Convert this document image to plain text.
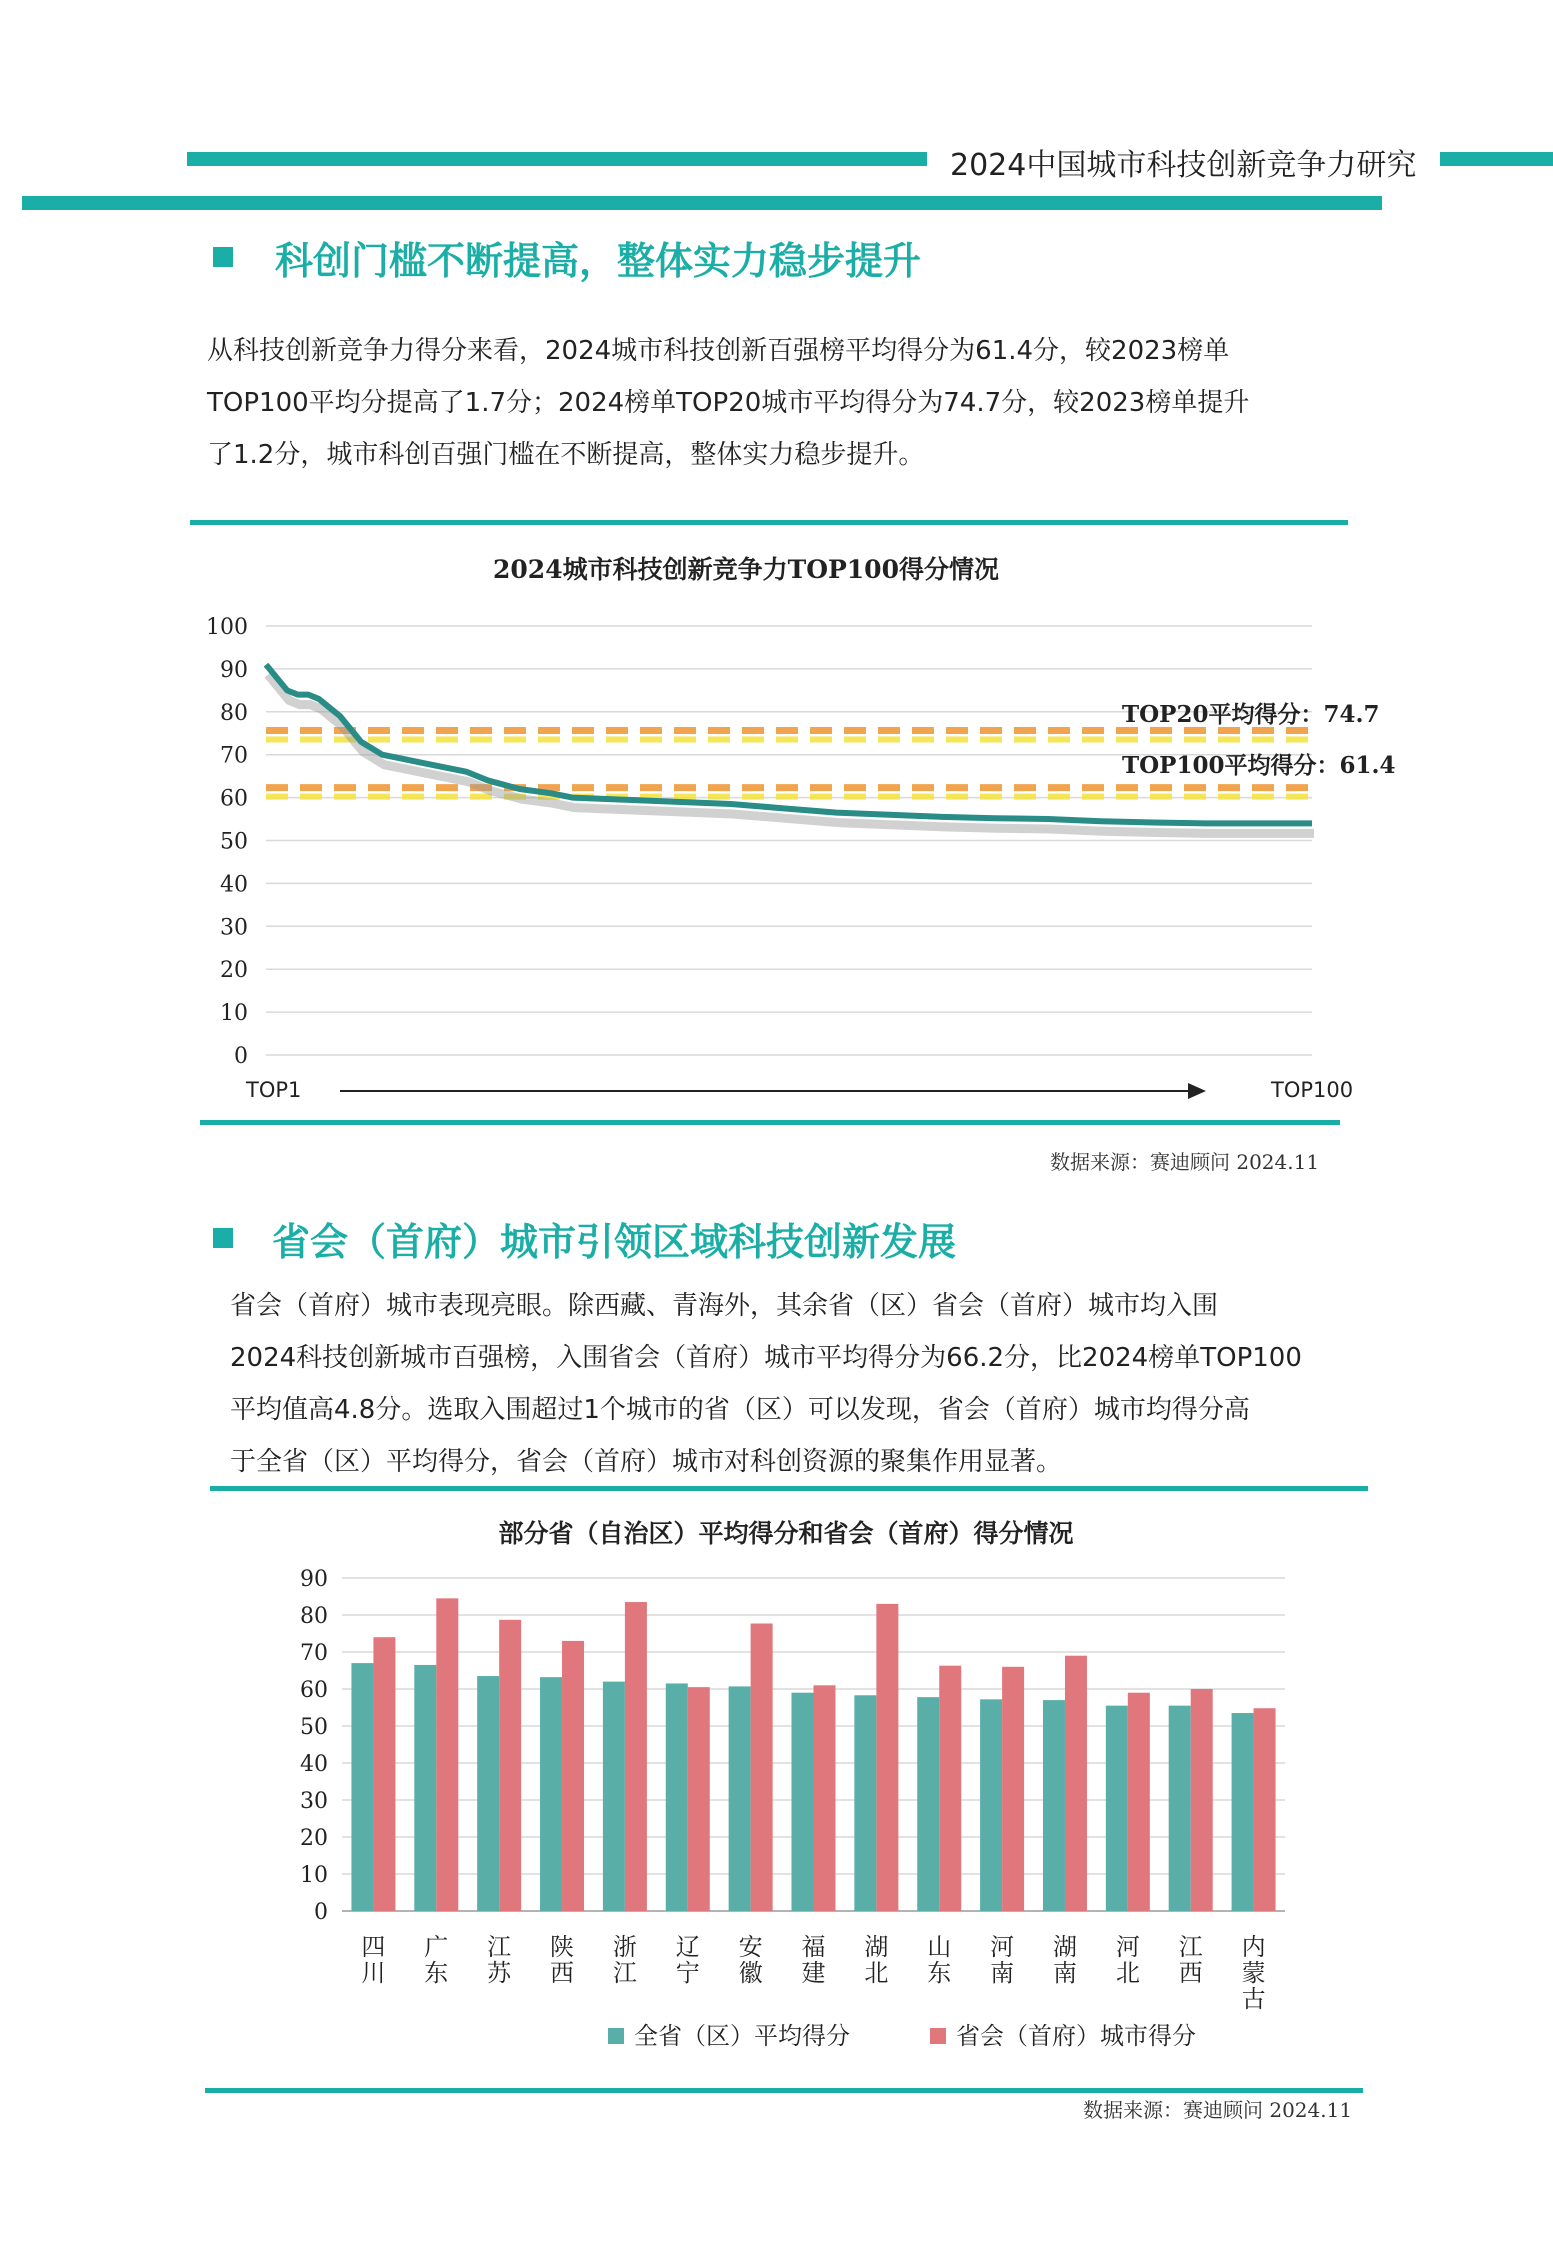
2024中国城市科技创新竞争力研究
科创门槛不断提高，整体实力稳步提升
从科技创新竞争力得分来看，2024城市科技创新百强榜平均得分为61.4分，较2023榜单
TOP100平均分提高了1.7分；2024榜单TOP20城市平均得分为74.7分，较2023榜单提升
了1.2分，城市科创百强门槛在不断提高，整体实力稳步提升。
2024城市科技创新竞争力TOP100得分情况
0
10
20
30
40
50
60
70
80
90
100
TOP20平均得分：74.7
TOP100平均得分：61.4
TOP1	TOP100
数据来源：赛迪顾问 2024.11
省会（首府）城市引领区域科技创新发展
省会（首府）城市表现亮眼。除西藏、青海外，其余省（区）省会（首府）城市均入围
2024科技创新城市百强榜，入围省会（首府）城市平均得分为66.2分，比2024榜单TOP100
平均值高4.8分。选取入围超过1个城市的省（区）可以发现，省会（首府）城市均得分高
于全省（区）平均得分，省会（首府）城市对科创资源的聚集作用显著。
部分省（自治区）平均得分和省会（首府）得分情况
0
10
20
30
40
50
60
70
80
90
四川
广东
江苏
陕西
浙江
辽宁
安徽
福建
湖北
山东
河南
湖南
河北
江西
内蒙古
全省（区）平均得分	省会（首府）城市得分
数据来源：赛迪顾问 2024.11
